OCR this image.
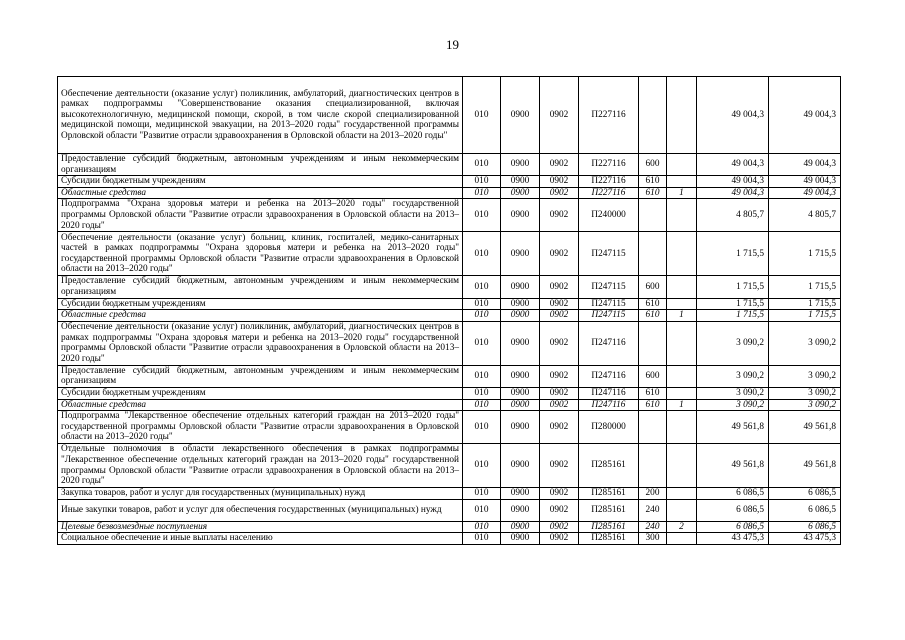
19
Обеспечение деятельности (оказание услуг) поликлиник, амбулаторий, диагностических центров в рамках подпрограммы "Совершенствование оказания специализированной, включая высокотехнологичную, медицинской помощи, скорой, в том числе скорой специализированной медицинской помощи, медицинской эвакуации, на 2013–2020 годы" государственной программы Орловской области "Развитие отрасли здравоохранения в Орловской области на 2013–2020 годы"	010	0900	0902	П227116			49 004,3	49 004,3
Предоставление субсидий бюджетным, автономным учреждениям и иным некоммерческим организациям	010	0900	0902	П227116	600		49 004,3	49 004,3
Субсидии бюджетным учреждениям	010	0900	0902	П227116	610		49 004,3	49 004,3
Областные средства	010	0900	0902	П227116	610	1	49 004,3	49 004,3
Подпрограмма "Охрана здоровья матери и ребенка на 2013–2020 годы" государственной программы Орловской области "Развитие отрасли здравоохранения в Орловской области на 2013–2020 годы"	010	0900	0902	П240000			4 805,7	4 805,7
Обеспечение деятельности (оказание услуг) больниц, клиник, госпиталей, медико-санитарных частей в рамках подпрограммы "Охрана здоровья матери и ребенка на 2013–2020 годы" государственной программы Орловской области "Развитие отрасли здравоохранения в Орловской области на 2013–2020 годы"	010	0900	0902	П247115			1 715,5	1 715,5
Предоставление субсидий бюджетным, автономным учреждениям и иным некоммерческим организациям	010	0900	0902	П247115	600		1 715,5	1 715,5
Субсидии бюджетным учреждениям	010	0900	0902	П247115	610		1 715,5	1 715,5
Областные средства	010	0900	0902	П247115	610	1	1 715,5	1 715,5
Обеспечение деятельности (оказание услуг) поликлиник, амбулаторий, диагностических центров в рамках подпрограммы "Охрана здоровья матери и ребенка на 2013–2020 годы" государственной программы Орловской области "Развитие отрасли здравоохранения в Орловской области на 2013–2020 годы"	010	0900	0902	П247116			3 090,2	3 090,2
Предоставление субсидий бюджетным, автономным учреждениям и иным некоммерческим организациям	010	0900	0902	П247116	600		3 090,2	3 090,2
Субсидии бюджетным учреждениям	010	0900	0902	П247116	610		3 090,2	3 090,2
Областные средства	010	0900	0902	П247116	610	1	3 090,2	3 090,2
Подпрограмма "Лекарственное обеспечение отдельных категорий граждан на 2013–2020 годы" государственной программы Орловской области "Развитие отрасли здравоохранения в Орловской области на 2013–2020 годы"	010	0900	0902	П280000			49 561,8	49 561,8
Отдельные полномочия в области лекарственного обеспечения в рамках подпрограммы "Лекарственное обеспечение отдельных категорий граждан на 2013–2020 годы" государственной программы Орловской области "Развитие отрасли здравоохранения в Орловской области на 2013–2020 годы"	010	0900	0902	П285161			49 561,8	49 561,8
Закупка товаров, работ и услуг для государственных (муниципальных) нужд	010	0900	0902	П285161	200		6 086,5	6 086,5
Иные закупки товаров, работ и услуг для обеспечения государственных (муниципальных) нужд	010	0900	0902	П285161	240		6 086,5	6 086,5
Целевые безвозмездные поступления	010	0900	0902	П285161	240	2	6 086,5	6 086,5
Социальное обеспечение и иные выплаты населению	010	0900	0902	П285161	300		43 475,3	43 475,3
